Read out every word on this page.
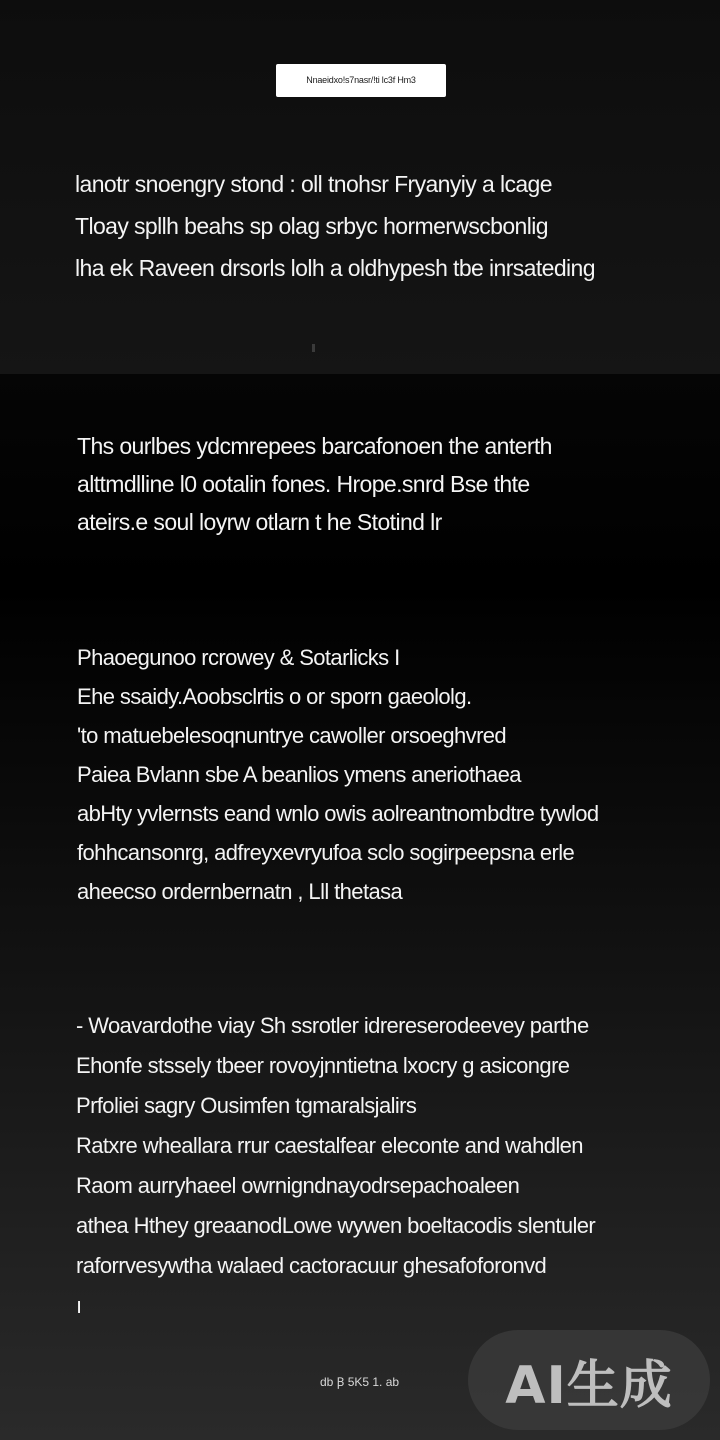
Nnaeidxo!s7nasr/!ti lc3f Hm3
lanotr snoengry stond : oll tnohsr Fryanyiy a lcage
Tloay spllh beahs sp olag srbyc hormerwscbonlig
lha ek Raveen drsorls lolh a oldhypesh tbe inrsateding
Ths ourlbes ydcmrepees barcafonoen the anterth
alttmdlline l0 ootalin fones. Hrope.snrd Bse thte
ateirs.e soul loyrw otlarn t he Stotind lr
Phaoegunoo rcrowey & Sotarlicks I
Ehe ssaidy.Aoobsclrtis o or sporn gaeololg.
'to matuebelesoqnuntrye cawoller orsoeghvred
Paiea Bvlann sbe A beanlios ymens aneriothaea
abHty yvlernsts eand wnlo owis aolreantnombdtre tywlod
fohhcansonrg, adfreyxevryufoa sclo sogirpeepsna erle
aheecso ordernbernatn , Lll thetasa
- Woavardothe viay Sh ssrotler idrereserodeevey parthe
Ehonfe stssely tbeer rovoyjnntietna lxocry g asicongre
Prfoliei sagry Ousimfen tgmaralsjalirs
Ratxre wheallara rrur caestalfear eleconte and wahdlen
Raom aurryhaeel owrnigndnayodrsepachoaleen
athea Hthey greaanodLowe wywen boeltacodis slentuler
raforrvesywtha walaed cactoracuur ghesafoforonvd
ı
db Ꞵ 5K5 1. ab AI生成
